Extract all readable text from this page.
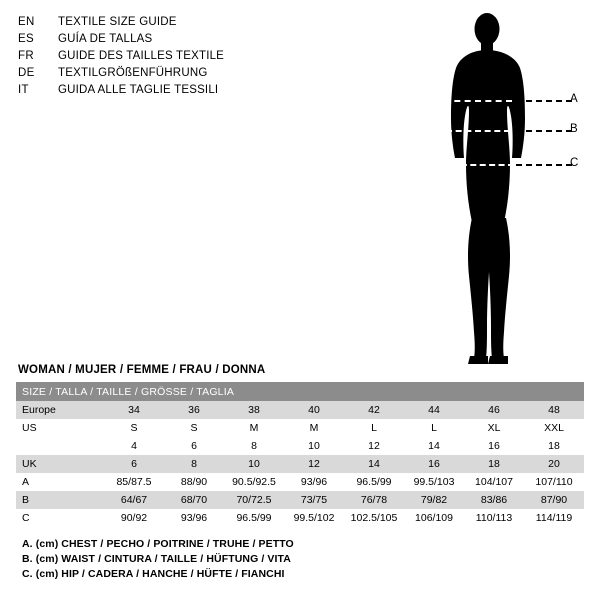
EN	TEXTILE SIZE GUIDE
ES	GUÍA DE TALLAS
FR	GUIDE DES TAILLES TEXTILE
DE	TEXTILGRÖßENFÜHRUNG
IT	GUIDA ALLE TAGLIE TESSILI
A
B
C
WOMAN / MUJER / FEMME / FRAU / DONNA
SIZE / TALLA / TAILLE / GRÖSSE / TAGLIA								
Europe	34	36	38	40	42	44	46	48
US	S	S	M	M	L	L	XL	XXL
	4	6	8	10	12	14	16	18
UK	6	8	10	12	14	16	18	20
A	85/87.5	88/90	90.5/92.5	93/96	96.5/99	99.5/103	104/107	107/110
B	64/67	68/70	70/72.5	73/75	76/78	79/82	83/86	87/90
C	90/92	93/96	96.5/99	99.5/102	102.5/105	106/109	110/113	114/119
A. (cm) CHEST / PECHO / POITRINE / TRUHE / PETTO
B. (cm) WAIST / CINTURA / TAILLE / HÜFTUNG / VITA
C. (cm) HIP / CADERA / HANCHE / HÜFTE / FIANCHI
